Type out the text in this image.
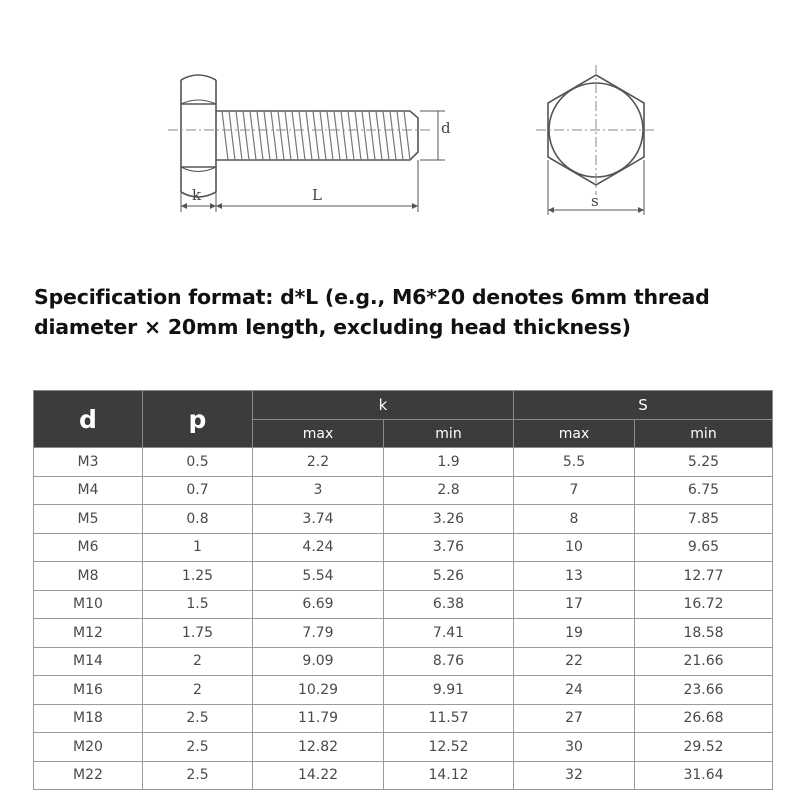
d
k	L	s
Specification format: d*L (e.g., M6*20 denotes 6mm thread
diameter × 20mm length, excluding head thickness)
d	p	k		S	
		max	min	max	min
M3	0.5	2.2	1.9	5.5	5.25
M4	0.7	3	2.8	7	6.75
M5	0.8	3.74	3.26	8	7.85
M6	1	4.24	3.76	10	9.65
M8	1.25	5.54	5.26	13	12.77
M10	1.5	6.69	6.38	17	16.72
M12	1.75	7.79	7.41	19	18.58
M14	2	9.09	8.76	22	21.66
M16	2	10.29	9.91	24	23.66
M18	2.5	11.79	11.57	27	26.68
M20	2.5	12.82	12.52	30	29.52
M22	2.5	14.22	14.12	32	31.64
